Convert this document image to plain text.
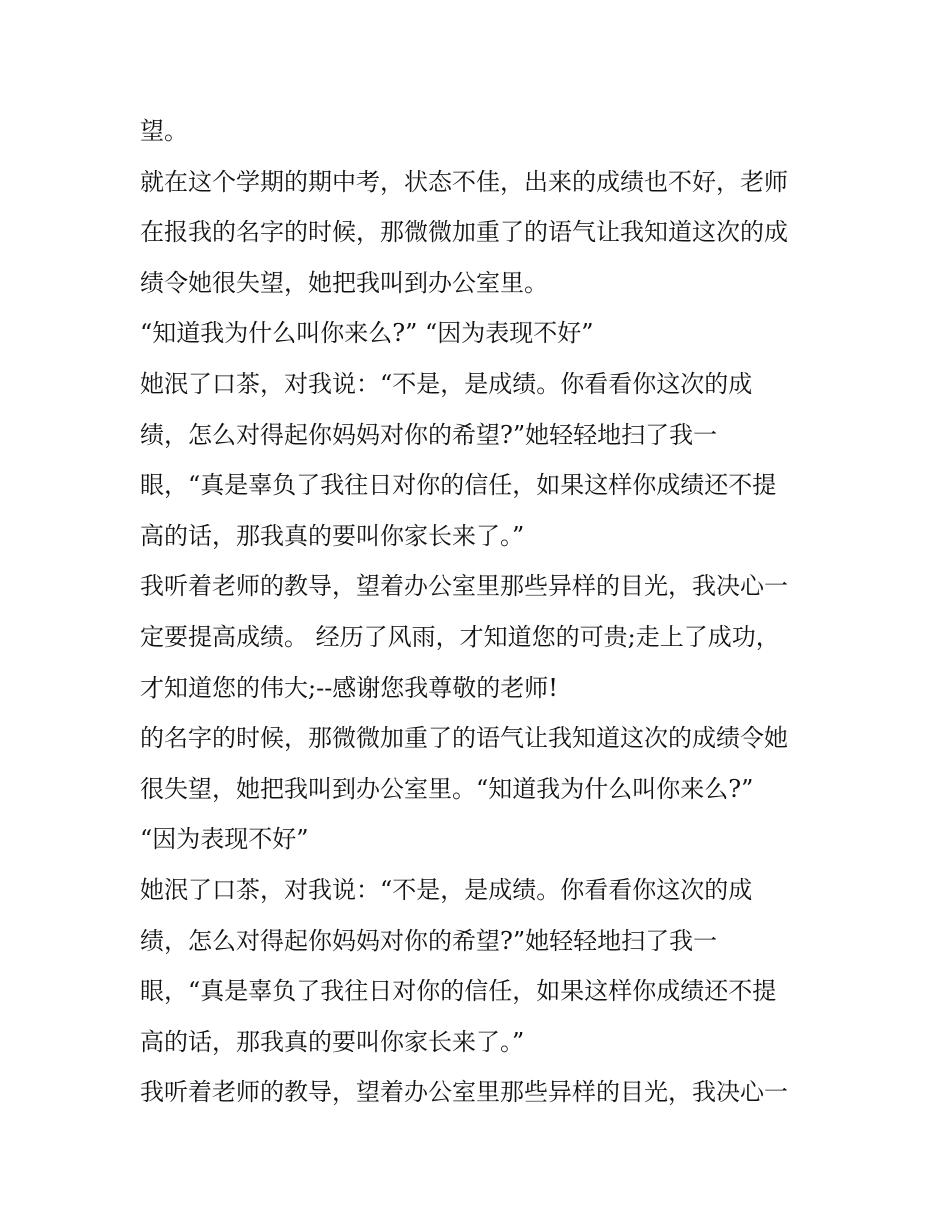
望。
就在这个学期的期中考，状态不佳，出来的成绩也不好，老师
在报我的名字的时候，那微微加重了的语气让我知道这次的成
绩令她很失望，她把我叫到办公室里。
“知道我为什么叫你来么?” “因为表现不好”
她泯了口茶，对我说：“不是，是成绩。你看看你这次的成
绩，怎么对得起你妈妈对你的希望?”她轻轻地扫了我一
眼，“真是辜负了我往日对你的信任，如果这样你成绩还不提
高的话，那我真的要叫你家长来了。”
我听着老师的教导，望着办公室里那些异样的目光，我决心一
定要提高成绩。 经历了风雨，才知道您的可贵;走上了成功，
才知道您的伟大;--感谢您我尊敬的老师!
的名字的时候，那微微加重了的语气让我知道这次的成绩令她
很失望，她把我叫到办公室里。“知道我为什么叫你来么?”
“因为表现不好”
她泯了口茶，对我说：“不是，是成绩。你看看你这次的成
绩，怎么对得起你妈妈对你的希望?”她轻轻地扫了我一
眼，“真是辜负了我往日对你的信任，如果这样你成绩还不提
高的话，那我真的要叫你家长来了。”
我听着老师的教导，望着办公室里那些异样的目光，我决心一
